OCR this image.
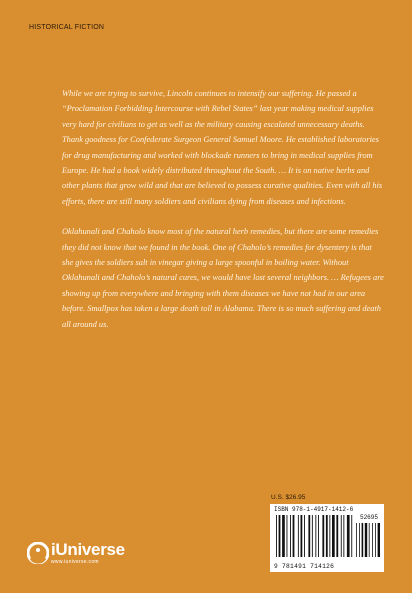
HISTORICAL FICTION

While we are trying to survive, Lincoln continues to intensify our suffering. He passed a “Proclamation Forbidding Intercourse with Rebel States” last year making medical supplies very hard for civilians to get as well as the military causing escalated unnecessary deaths. Thank goodness for Confederate Surgeon General Samuel Moore. He established laboratories for drug manufacturing and worked with blockade runners to bring in medical supplies from Europe. He had a book widely distributed throughout the South. … It is on native herbs and other plants that grow wild and that are believed to possess curative qualities. Even with all his efforts, there are still many soldiers and civilians dying from diseases and infections.

Oklahunali and Chaholo know most of the natural herb remedies, but there are some remedies they did not know that we found in the book. One of Chaholo’s remedies for dysentery is that she gives the soldiers salt in vinegar giving a large spoonful in boiling water. Without Oklahunali and Chaholo’s natural cures, we would have lost several neighbors. … Refugees are showing up from everywhere and bringing with them diseases we have not had in our area before. Smallpox has taken a large death toll in Alabama. There is so much suffering and death all around us.

U.S. $26.95
ISBN 978-1-4917-1412-6
52695
9 781491 714126
iUniverse
www.iuniverse.com
